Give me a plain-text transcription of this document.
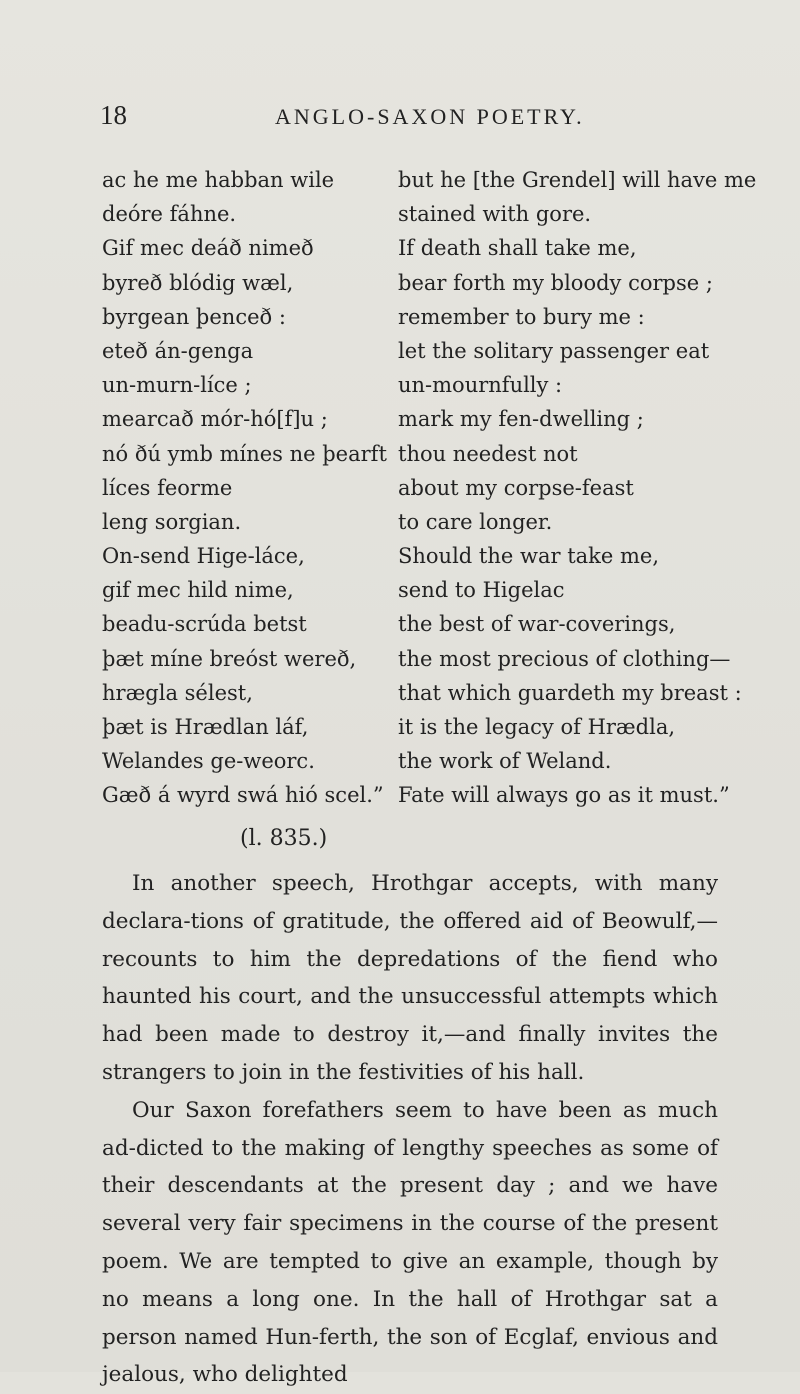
18	ANGLO-SAXON POETRY.
ac he me habban wile
deóre fáhne.
Gif mec deáð nimeð
byreð blódig wæl,
byrgean þenceð :
eteð án-genga
un-murn-líce ;
mearcað mór-hó[f]u ;
nó ðú ymb mínes ne þearft
líces feorme
leng sorgian.
On-send Hige-láce,
gif mec hild nime,
beadu-scrúda betst
þæt míne breóst wereð,
hrægla sélest,
þæt is Hrædlan láf,
Welandes ge-weorc.
Gæð á wyrd swá hió scel.”
but he [the Grendel] will have me
stained with gore.
If death shall take me,
bear forth my bloody corpse ;
remember to bury me :
let the solitary passenger eat
un-mournfully :
mark my fen-dwelling ;
thou needest not
about my corpse-feast
to care longer.
Should the war take me,
send to Higelac
the best of war-coverings,
the most precious of clothing—
that which guardeth my breast :
it is the legacy of Hrædla,
the work of Weland.
Fate will always go as it must.”
(l. 835.)

In another speech, Hrothgar accepts, with many declara-tions of gratitude, the offered aid of Beowulf,—recounts to him the depredations of the fiend who haunted his court, and the unsuccessful attempts which had been made to destroy it,—and finally invites the strangers to join in the festivities of his hall.

Our Saxon forefathers seem to have been as much ad-dicted to the making of lengthy speeches as some of their descendants at the present day ; and we have several very fair specimens in the course of the present poem. We are tempted to give an example, though by no means a long one. In the hall of Hrothgar sat a person named Hun-ferth, the son of Ecglaf, envious and jealous, who delighted
